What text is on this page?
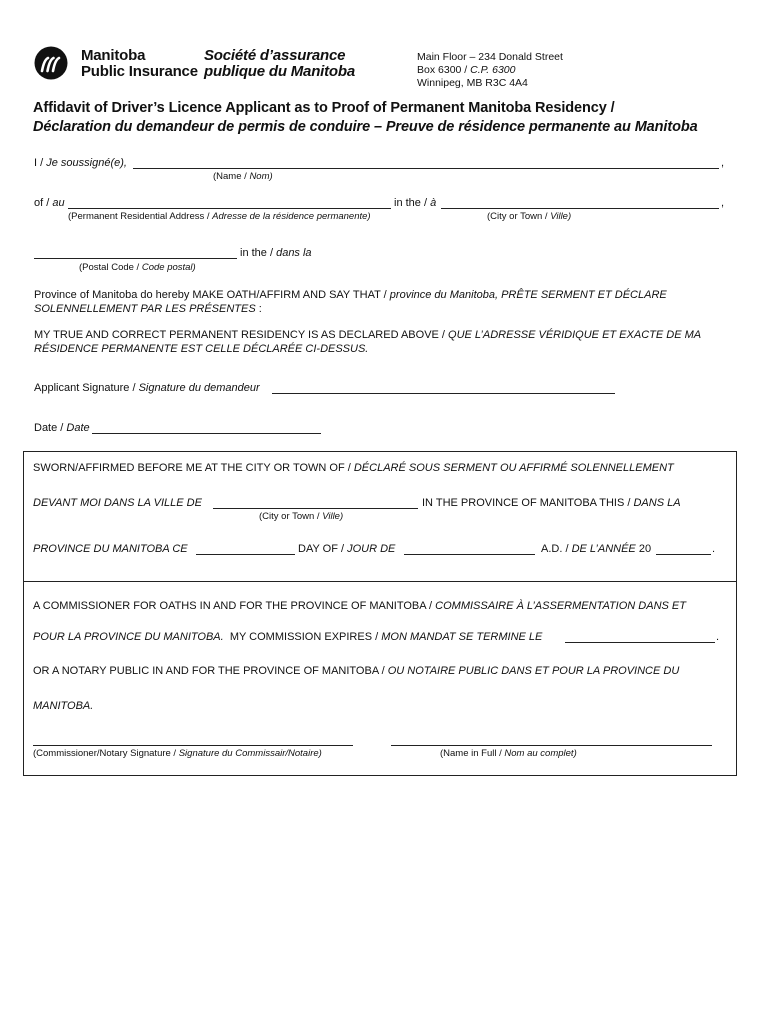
Manitoba
Public Insurance
Société d’assurance
publique du Manitoba
Main Floor – 234 Donald Street
Box 6300 / C.P. 6300
Winnipeg, MB R3C 4A4
Affidavit of Driver’s Licence Applicant as to Proof of Permanent Manitoba Residency /
Déclaration du demandeur de permis de conduire – Preuve de résidence permanente au Manitoba
I / Je soussigné(e),	,
(Name / Nom)
of / au	in the / à	,
(Permanent Residential Address / Adresse de la résidence permanente)	(City or Town / Ville)
in the / dans la
(Postal Code / Code postal)
Province of Manitoba do hereby MAKE OATH/AFFIRM AND SAY THAT / province du Manitoba, PRÊTE SERMENT ET DÉCLARE
SOLENNELLEMENT PAR LES PRÉSENTES :
MY TRUE AND CORRECT PERMANENT RESIDENCY IS AS DECLARED ABOVE / QUE L’ADRESSE VÉRIDIQUE ET EXACTE DE MA
RÉSIDENCE PERMANENTE EST CELLE DÉCLARÉE CI-DESSUS.
Applicant Signature / Signature du demandeur
Date / Date
SWORN/AFFIRMED BEFORE ME AT THE CITY OR TOWN OF / DÉCLARÉ SOUS SERMENT OU AFFIRMÉ SOLENNELLEMENT
DEVANT MOI DANS LA VILLE DE	IN THE PROVINCE OF MANITOBA THIS / DANS LA
(City or Town / Ville)
PROVINCE DU MANITOBA CE	DAY OF / JOUR DE	A.D. / DE L’ANNÉE 20	.
A COMMISSIONER FOR OATHS IN AND FOR THE PROVINCE OF MANITOBA / COMMISSAIRE À L’ASSERMENTATION DANS ET
POUR LA PROVINCE DU MANITOBA. MY COMMISSION EXPIRES / MON MANDAT SE TERMINE LE	.
OR A NOTARY PUBLIC IN AND FOR THE PROVINCE OF MANITOBA / OU NOTAIRE PUBLIC DANS ET POUR LA PROVINCE DU
MANITOBA.
(Commissioner/Notary Signature / Signature du Commissair/Notaire)	(Name in Full / Nom au complet)
